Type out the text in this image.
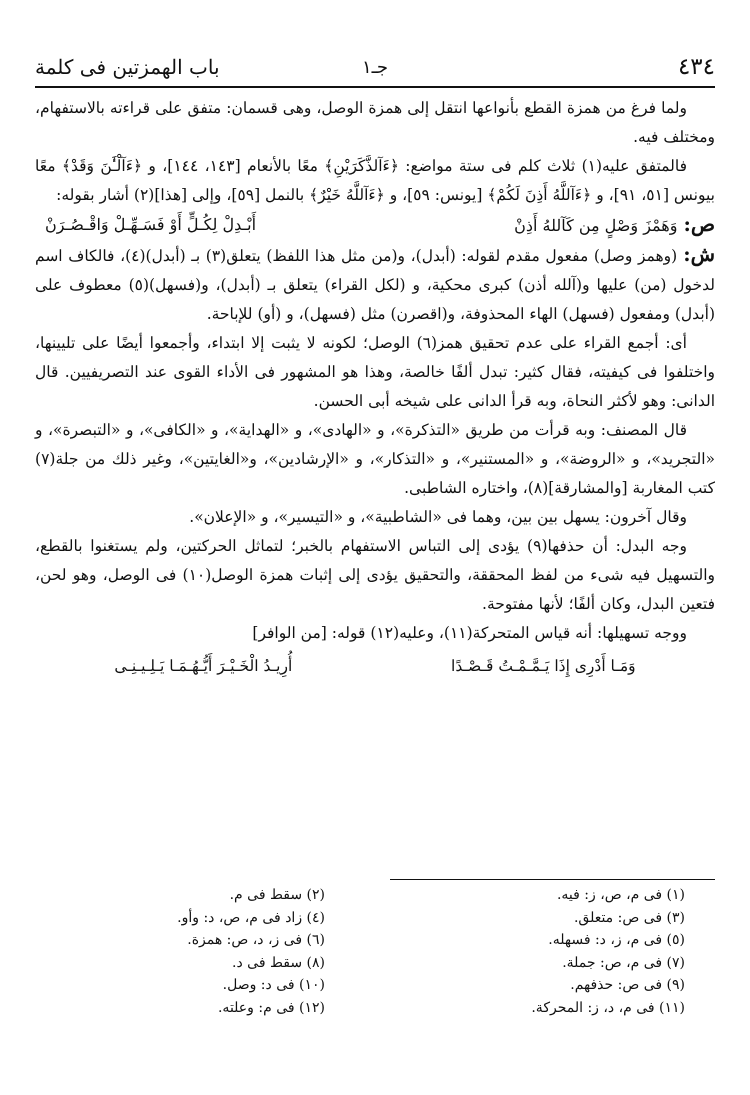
٤٣٤
جـ١
باب الهمزتين فى كلمة

ولما فرغ من همزة القطع بأنواعها انتقل إلى همزة الوصل، وهى قسمان: متفق على قراءته بالاستفهام، ومختلف فيه.

فالمتفق عليه(١) ثلاث كلم فى ستة مواضع: ﴿ءَآلذَّكَرَيْنِ﴾ معًا بالأنعام [١٤٣، ١٤٤]، و ﴿ءَآلْـَٰٔنَ وَقَدْ﴾ معًا بيونس [٥١، ٩١]، و ﴿ءَآللَّهُ أَذِنَ لَكُمْ﴾ [يونس: ٥٩]، و ﴿ءَآللَّهُ خَيْرٌ﴾ بالنمل [٥٩]، وإلى [هذا](٢) أشار بقوله:

ص:وَهَمْزَ وَصْلٍ مِن كَآللهُ أَذِنْ
أَبْـدِلْ لِكُـلٍّ أَوْ فَسَـهِّـلْ وَاقْـصُـرَنْ

ش:(وهمز وصل) مفعول مقدم لقوله: (أبدل)، و(من مثل هذا اللفظ) يتعلق(٣) بـ (أبدل)(٤)، فالكاف اسم لدخول (من) عليها و(آلله أذن) كبرى محكية، و (لكل القراء) يتعلق بـ (أبدل)، و(فسهل)(٥) معطوف على (أبدل) ومفعول (فسهل) الهاء المحذوفة، و(اقصرن) مثل (فسهل)، و (أو) للإباحة.

أى: أجمع القراء على عدم تحقيق همز(٦) الوصل؛ لكونه لا يثبت إلا ابتداء، وأجمعوا أيضًا على تليينها، واختلفوا فى كيفيته، فقال كثير: تبدل ألفًا خالصة، وهذا هو المشهور فى الأداء القوى عند التصريفيين. قال الدانى: وهو لأكثر النحاة، وبه قرأ الدانى على شيخه أبى الحسن.

قال المصنف: وبه قرأت من طريق «التذكرة»، و «الهادى»، و «الهداية»، و «الكافى»، و «التبصرة»، و «التجريد»، و «الروضة»، و «المستنير»، و «التذكار»، و «الإرشادين»، و«الغايتين»، وغير ذلك من جلة(٧) كتب المغاربة [والمشارقة](٨)، واختاره الشاطبى.

وقال آخرون: يسهل بين بين، وهما فى «الشاطبية»، و «التيسير»، و «الإعلان».

وجه البدل: أن حذفها(٩) يؤدى إلى التباس الاستفهام بالخبر؛ لتماثل الحركتين، ولم يستغنوا بالقطع، والتسهيل فيه شىء من لفظ المحققة، والتحقيق يؤدى إلى إثبات همزة الوصل(١٠) فى الوصل، وهو لحن، فتعين البدل، وكان ألفًا؛ لأنها مفتوحة.

ووجه تسهيلها: أنه قياس المتحركة(١١)، وعليه(١٢) قوله: [من الوافر]

وَمَـا أَدْرِى إِذَا يَـمَّـمْـتُ قَـصْـدًا
أُرِيـدُ الْخَـيْـرَ أَيُّـهُـمَـا يَـلِـيـنِـى
(١) فى م، ص، ز: فيه.
(٢) سقط فى م.
(٣) فى ص: متعلق.
(٤) زاد فى م، ص، د: وأو.
(٥) فى م، ز، د: فسهله.
(٦) فى ز، د، ص: همزة.
(٧) فى م، ص: جملة.
(٨) سقط فى د.
(٩) فى ص: حذفهم.
(١٠) فى د: وصل.
(١١) فى م، د، ز: المحركة.
(١٢) فى م: وعلته.
